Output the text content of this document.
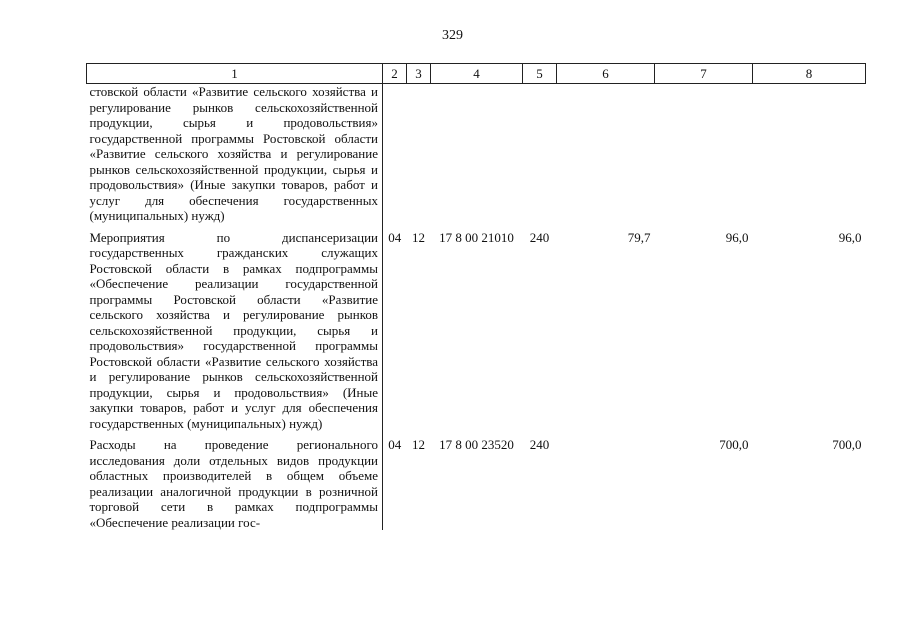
329
1	2	3	4	5	6	7	8
стовской области «Развитие сельского хозяйства и регулирование рынков сельскохозяйственной продукции, сырья и продовольствия» государственной программы Ростовской области «Развитие сельского хозяйства и регулирование рынков сельскохозяйственной продукции, сырья и продовольствия» (Иные закупки товаров, работ и услуг для обеспечения государственных (муниципальных) нужд)							
Мероприятия по диспансеризации государственных гражданских служащих Ростовской области в рамках подпрограммы «Обеспечение реализации государственной программы Ростовской области «Развитие сельского хозяйства и регулирование рынков сельскохозяйственной продукции, сырья и продовольствия» государственной программы Ростовской области «Развитие сельского хозяйства и регулирование рынков сельскохозяйственной продукции, сырья и продовольствия» (Иные закупки товаров, работ и услуг для обеспечения государственных (муниципальных) нужд)	04	12	17 8 00 21010	240	79,7	96,0	96,0
Расходы на проведение регионального исследования доли отдельных видов продукции областных производителей в общем объеме реализации аналогичной продукции в розничной торговой сети в рамках подпрограммы «Обеспечение реализации гос-	04	12	17 8 00 23520	240		700,0	700,0
